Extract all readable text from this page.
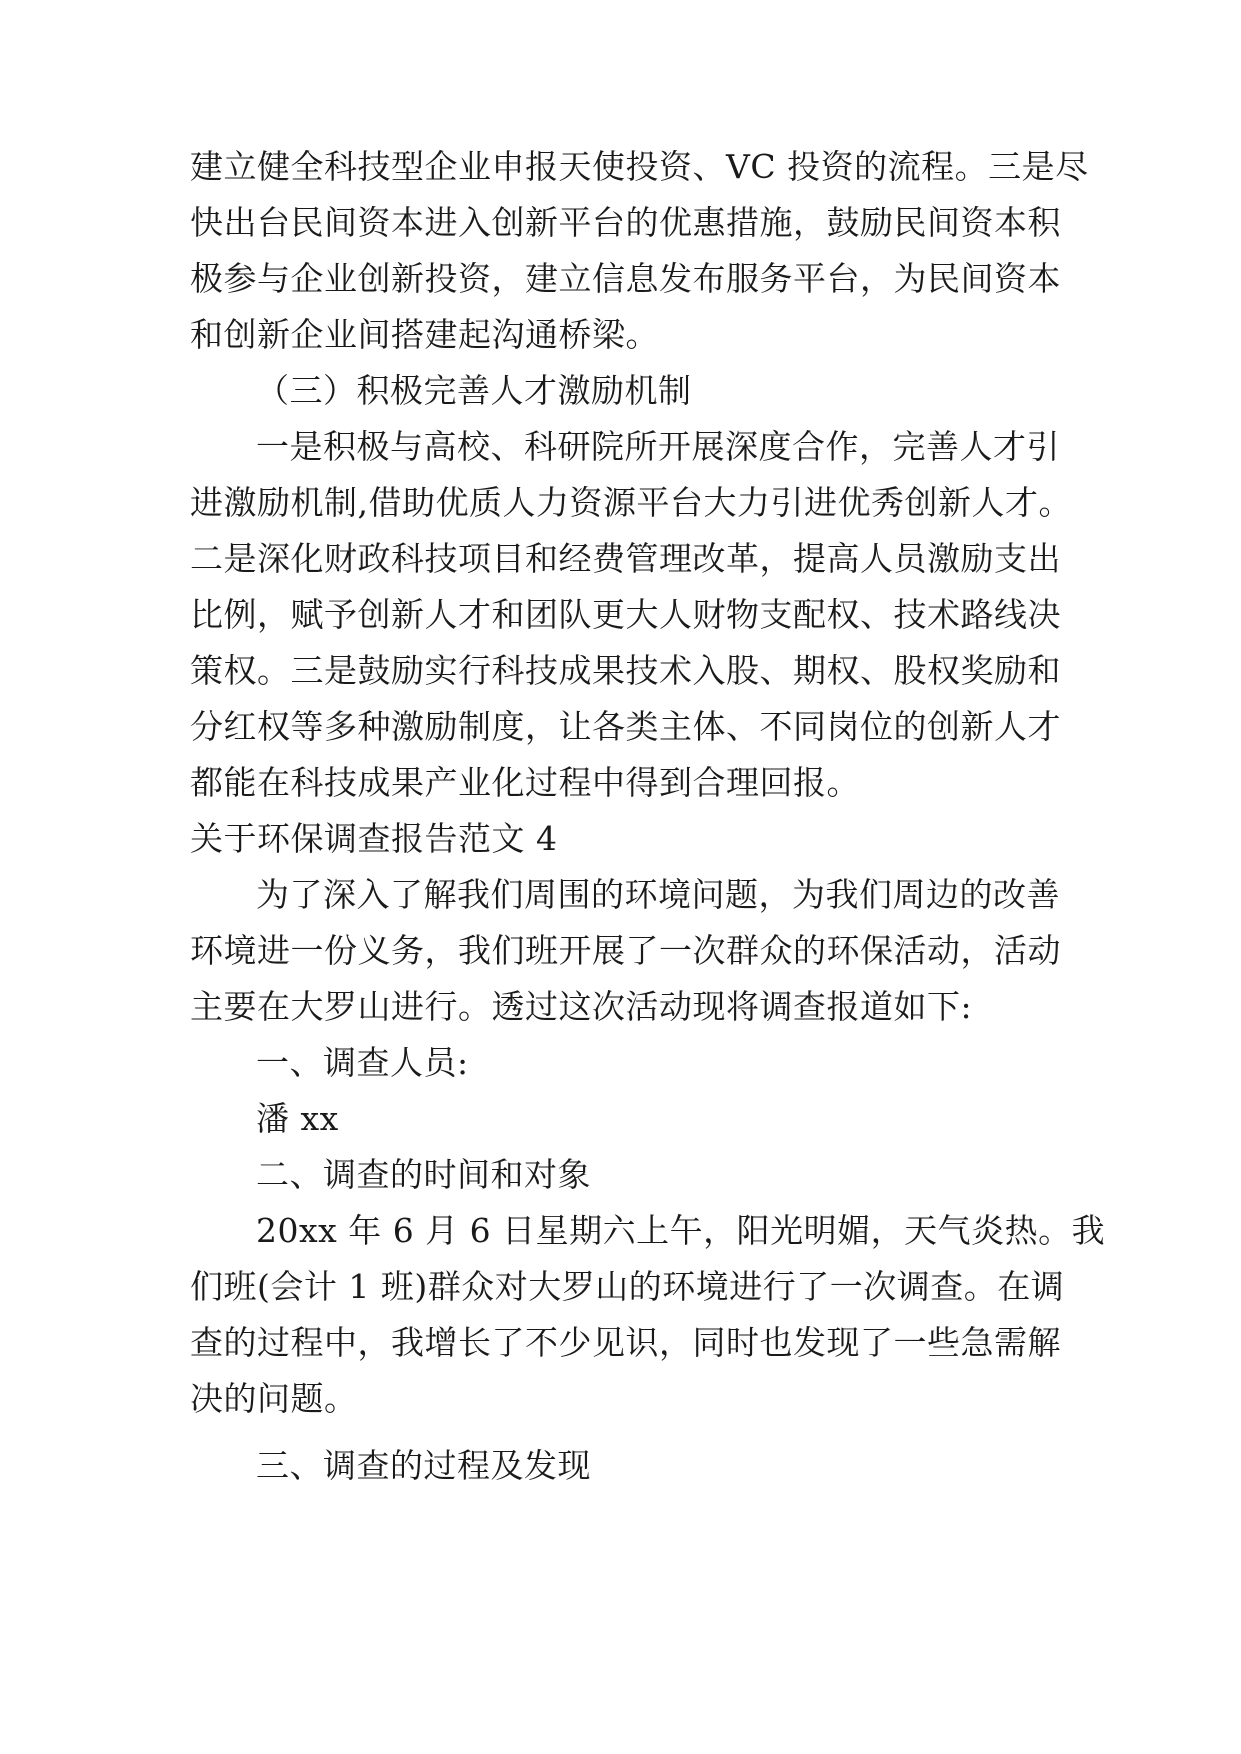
建立健全科技型企业申报天使投资、VC 投资的流程。三是尽
快出台民间资本进入创新平台的优惠措施，鼓励民间资本积
极参与企业创新投资，建立信息发布服务平台，为民间资本
和创新企业间搭建起沟通桥梁。
（三）积极完善人才激励机制
一是积极与高校、科研院所开展深度合作，完善人才引
进激励机制,借助优质人力资源平台大力引进优秀创新人才。
二是深化财政科技项目和经费管理改革，提高人员激励支出
比例，赋予创新人才和团队更大人财物支配权、技术路线决
策权。三是鼓励实行科技成果技术入股、期权、股权奖励和
分红权等多种激励制度，让各类主体、不同岗位的创新人才
都能在科技成果产业化过程中得到合理回报。
关于环保调查报告范文 4
为了深入了解我们周围的环境问题，为我们周边的改善
环境进一份义务，我们班开展了一次群众的环保活动，活动
主要在大罗山进行。透过这次活动现将调查报道如下:
一、调查人员:
潘 xx
二、调查的时间和对象
20xx 年 6 月 6 日星期六上午，阳光明媚，天气炎热。我
们班(会计 1 班)群众对大罗山的环境进行了一次调查。在调
查的过程中，我增长了不少见识，同时也发现了一些急需解
决的问题。
三、调查的过程及发现
